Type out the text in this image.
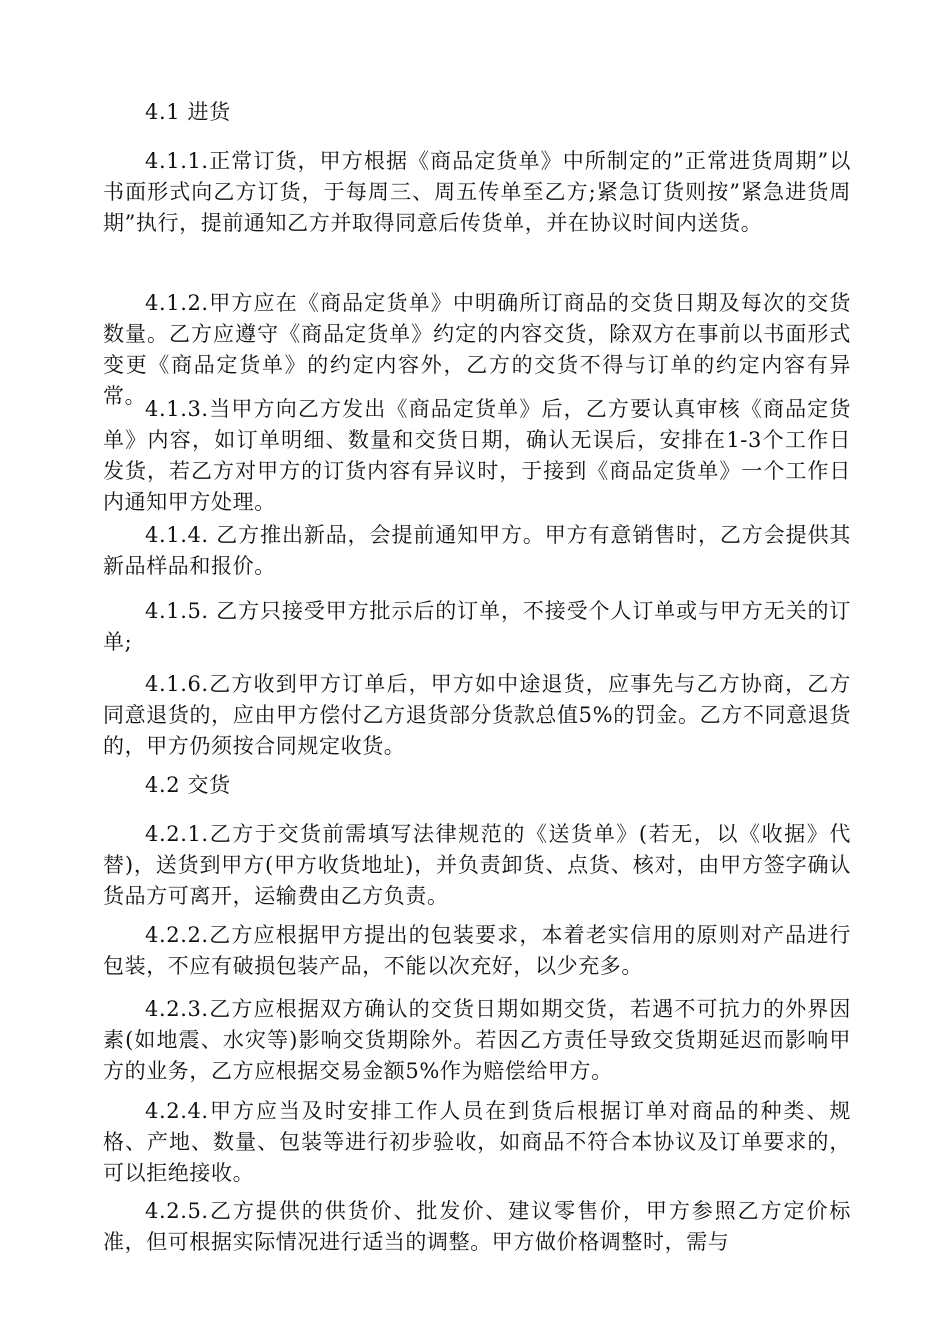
4.1 进货

4.1.1.正常订货，甲方根据《商品定货单》中所制定的”正常进货周期”以书面形式向乙方订货，于每周三、周五传单至乙方;紧急订货则按”紧急进货周期”执行，提前通知乙方并取得同意后传货单，并在协议时间内送货。

4.1.2.甲方应在《商品定货单》中明确所订商品的交货日期及每次的交货数量。乙方应遵守《商品定货单》约定的内容交货，除双方在事前以书面形式变更《商品定货单》的约定内容外，乙方的交货不得与订单的约定内容有异常。

4.1.3.当甲方向乙方发出《商品定货单》后，乙方要认真审核《商品定货单》内容，如订单明细、数量和交货日期，确认无误后，安排在1-3个工作日发货，若乙方对甲方的订货内容有异议时，于接到《商品定货单》一个工作日内通知甲方处理。

4.1.4. 乙方推出新品，会提前通知甲方。甲方有意销售时，乙方会提供其新品样品和报价。

4.1.5. 乙方只接受甲方批示后的订单，不接受个人订单或与甲方无关的订单;

4.1.6.乙方收到甲方订单后，甲方如中途退货，应事先与乙方协商，乙方同意退货的，应由甲方偿付乙方退货部分货款总值5%的罚金。乙方不同意退货的，甲方仍须按合同规定收货。

4.2 交货

4.2.1.乙方于交货前需填写法律规范的《送货单》(若无，以《收据》代替)，送货到甲方(甲方收货地址)，并负责卸货、点货、核对，由甲方签字确认货品方可离开，运输费由乙方负责。

4.2.2.乙方应根据甲方提出的包装要求，本着老实信用的原则对产品进行包装，不应有破损包装产品，不能以次充好，以少充多。

4.2.3.乙方应根据双方确认的交货日期如期交货，若遇不可抗力的外界因素(如地震、水灾等)影响交货期除外。若因乙方责任导致交货期延迟而影响甲方的业务，乙方应根据交易金额5%作为赔偿给甲方。

4.2.4.甲方应当及时安排工作人员在到货后根据订单对商品的种类、规格、产地、数量、包装等进行初步验收，如商品不符合本协议及订单要求的，可以拒绝接收。

4.2.5.乙方提供的供货价、批发价、建议零售价，甲方参照乙方定价标准，但可根据实际情况进行适当的调整。甲方做价格调整时，需与
